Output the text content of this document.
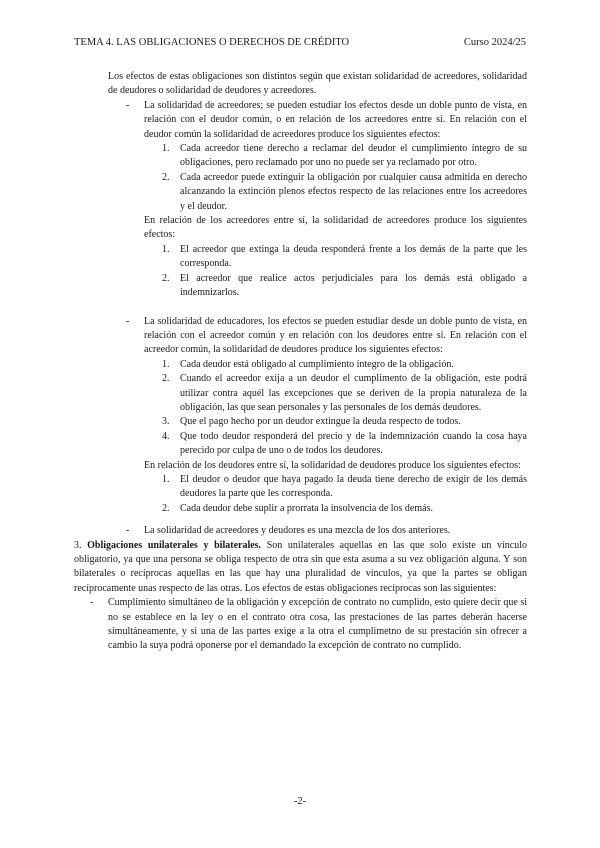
TEMA 4. LAS OBLIGACIONES O DERECHOS DE CRÉDITO	Curso 2024/25

Los efectos de estas obligaciones son distintos según que existan solidaridad de acreedores, solidaridad de deudores o solidaridad de deudores y acreedores.

- La solidaridad de acreedores; se pueden estudiar los efectos desde un doble punto de vista, en relación con el deudor común, o en relación de los acreedores entre sí. En relación con el deudor común la solidaridad de acreedores produce los siguientes efectos:

1. Cada acreedor tiene derecho a reclamar del deudor el cumplimiento íntegro de su obligaciones, pero reclamado por uno no puede ser ya reclamado por otro.
2. Cada acreedor puede extinguir la obligación por cualquier causa admitida en derecho alcanzando la extinción plenos efectos respecto de las relaciones entre los acreedores y el deudor.

En relación de los acreedores entre sí, la solidaridad de acreedores produce los siguientes efectos:

1. El acreedor que extinga la deuda responderá frente a los demás de la parte que les corresponda.
2. El acreedor que realice actos perjudiciales para los demás está obligado a indemnizarlos.
- La solidaridad de educadores, los efectos se pueden estudiar desde un doble punto de vista, en relación con el acreedor común y en relación con los deudores entre sí. En relación con el acreedor común, la solidaridad de deudores produce los siguientes efectos:

1. Cada deudor está obligado al cumplimiento íntegro de la obligación.
2. Cuando el acreedor exija a un deudor el cumplimento de la obligación, este podrá utilizar contra aquél las excepciones que se deriven de la propia naturaleza de la obligación, las que sean personales y las personales de los demás deudores.
3. Que el pago hecho por un deudor extingue la deuda respecto de todos.
4. Que todo deudor responderá del precio y de la indemnización cuando la cosa haya perecido por culpa de uno o de todos los deudores.

En relación de los deudores entre sí, la solidaridad de deudores produce los siguientes efectos:

1. El deudor o deudor que haya pagado la deuda tiene derecho de exigir de los demás deudores la parte que les corresponda.
2. Cada deudor debe suplir a prorrata la insolvencia de los demás.
- La solidaridad de acreedores y deudores es una mezcla de los dos anteriores.

3. Obligaciones unilaterales y bilaterales. Son unilaterales aquellas en las que solo existe un vínculo obligatorio, ya que una persona se obliga respecto de otra sin que esta asuma a su vez obligación alguna. Y son bilaterales o recíprocas aquellas en las que hay una pluralidad de vínculos, ya que la partes se obligan recíprocamente unas respecto de las otras. Los efectos de estas obligaciones recíprocas son las siguientes:

- Cumplimiento simultáneo de la obligación y excepción de contrato no cumplido, esto quiere decir que si no se establece en la ley o en el contrato otra cosa, las prestaciones de las partes deberán hacerse simultáneamente, y si una de las partes exige a la otra el cumplimetno de su prestación sin ofrecer a cambio la suya podrá oponerse por el demandado la excepción de contrato no cumplido.

-2-
